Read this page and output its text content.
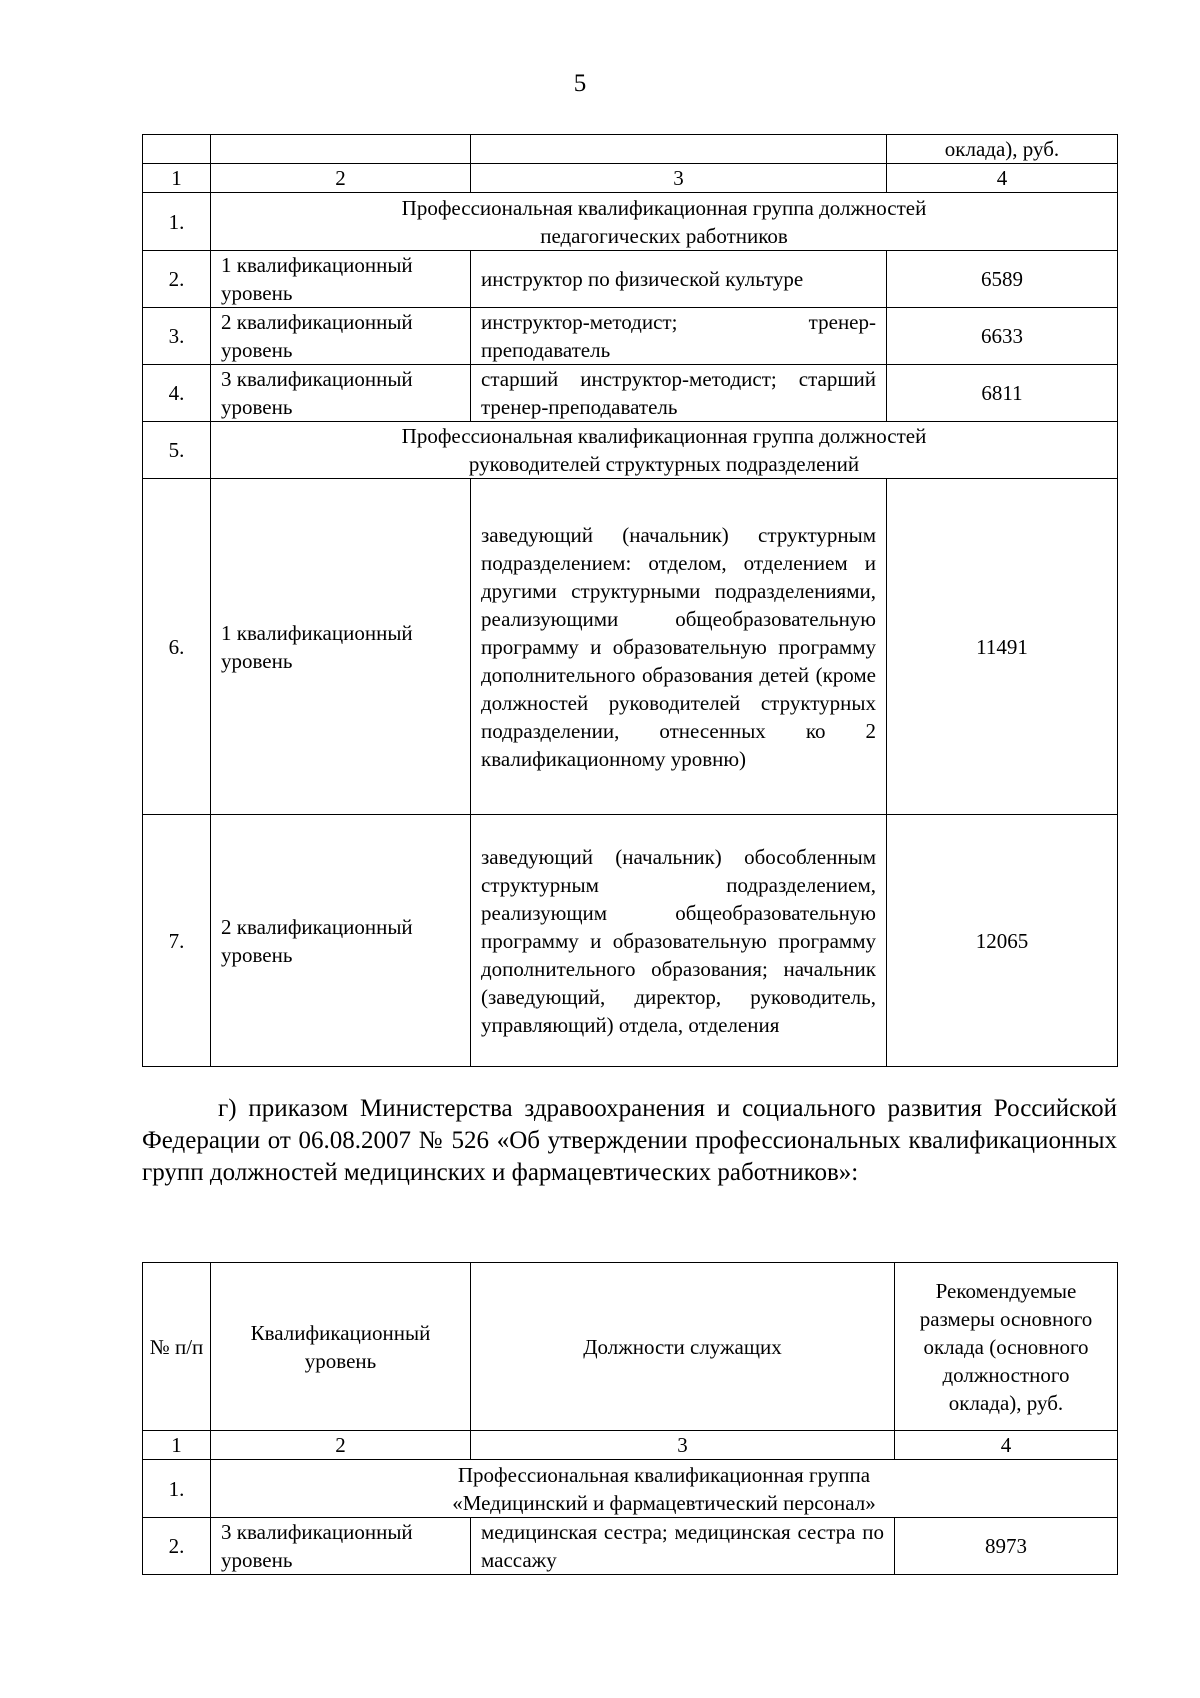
5
			оклада), руб.
1	2	3	4
1.	Профессиональная квалификационная группа должностей педагогических работников		
2.	1 квалификационный уровень	инструктор по физической культуре	6589
3.	2 квалификационный уровень	инструктор-методист; тренер-преподаватель	6633
4.	3 квалификационный уровень	старший инструктор-методист; старший тренер-преподаватель	6811
5.	Профессиональная квалификационная группа должностей руководителей структурных подразделений		
6.	1 квалификационный уровень	заведующий (начальник) структурным подразделением: отделом, отделением и другими структурными подразделениями, реализующими общеобразовательную программу и образовательную программу дополнительного образования детей (кроме должностей руководителей структурных подразделении, отнесенных ко 2 квалификационному уровню)	11491
7.	2 квалификационный уровень	заведующий (начальник) обособленным структурным подразделением, реализующим общеобразовательную программу и образовательную программу дополнительного образования; начальник (заведующий, директор, руководитель, управляющий) отдела, отделения	12065
г) приказом Министерства здравоохранения и социального развития Российской Федерации от 06.08.2007 № 526 «Об утверждении профессиональных квалификационных групп должностей медицинских и фармацевтических работников»:
№ п/п	Квалификационный уровень	Должности служащих	Рекомендуемые размеры основного оклада (основного должностного оклада), руб.
1	2	3	4
1.	Профессиональная квалификационная группа «Медицинский и фармацевтический персонал»		
2.	3 квалификационный уровень	медицинская сестра; медицинская сестра по массажу	8973
